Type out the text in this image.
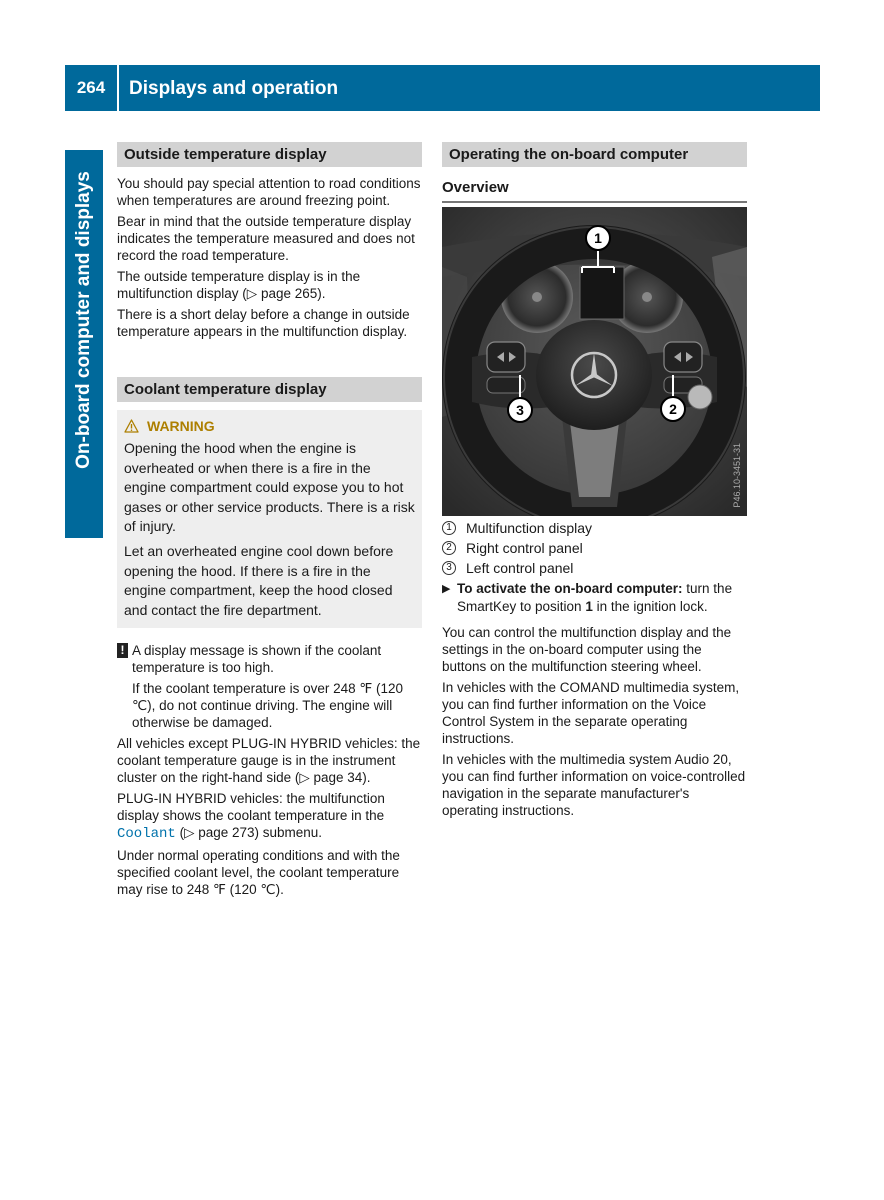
264	Displays and operation
On-board computer and displays
Outside temperature display

You should pay special attention to road conditions when temperatures are around freezing point.

Bear in mind that the outside temperature display indicates the temperature measured and does not record the road temperature.

The outside temperature display is in the multifunction display (▷ page 265).

There is a short delay before a change in outside temperature appears in the multifunction display.

Coolant temperature display
WARNING

Opening the hood when the engine is overheated or when there is a fire in the engine compartment could expose you to hot gases or other service products. There is a risk of injury.

Let an overheated engine cool down before opening the hood. If there is a fire in the engine compartment, keep the hood closed and contact the fire department.

! A display message is shown if the coolant temperature is too high.

If the coolant temperature is over 248 ℉ (120 ℃), do not continue driving. The engine will otherwise be damaged.

All vehicles except PLUG-IN HYBRID vehicles: the coolant temperature gauge is in the instrument cluster on the right-hand side (▷ page 34).

PLUG-IN HYBRID vehicles: the multifunction display shows the coolant temperature in the Coolant (▷ page 273) submenu.

Under normal operating conditions and with the specified coolant level, the coolant temperature may rise to 248 ℉ (120 ℃).

Operating the on-board computer
Overview
1
2
3
P46.10-3451-31
1	Multifunction display
2	Right control panel
3	Left control panel
▶ To activate the on-board computer: turn the SmartKey to position 1 in the ignition lock.

You can control the multifunction display and the settings in the on-board computer using the buttons on the multifunction steering wheel.

In vehicles with the COMAND multimedia system, you can find further information on the Voice Control System in the separate operating instructions.

In vehicles with the multimedia system Audio 20, you can find further information on voice-controlled navigation in the separate manufacturer's operating instructions.
